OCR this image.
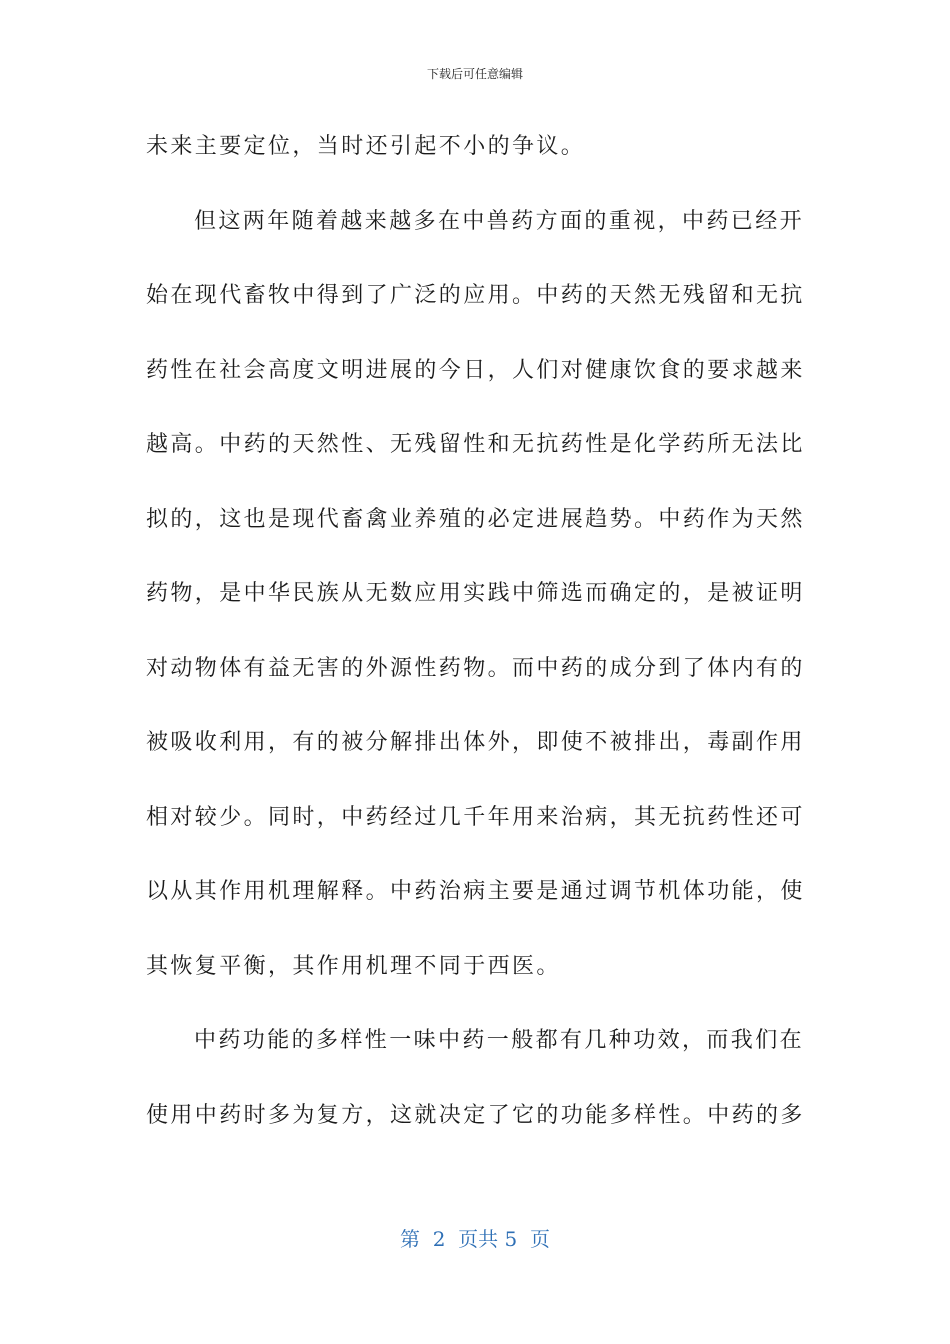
下载后可任意编辑
未来主要定位，当时还引起不小的争议。
但这两年随着越来越多在中兽药方面的重视，中药已经开
始在现代畜牧中得到了广泛的应用。中药的天然无残留和无抗
药性在社会高度文明进展的今日，人们对健康饮食的要求越来
越高。中药的天然性、无残留性和无抗药性是化学药所无法比
拟的，这也是现代畜禽业养殖的必定进展趋势。中药作为天然
药物，是中华民族从无数应用实践中筛选而确定的，是被证明
对动物体有益无害的外源性药物。而中药的成分到了体内有的
被吸收利用，有的被分解排出体外，即使不被排出，毒副作用
相对较少。同时，中药经过几千年用来治病，其无抗药性还可
以从其作用机理解释。中药治病主要是通过调节机体功能，使
其恢复平衡，其作用机理不同于西医。
中药功能的多样性一味中药一般都有几种功效，而我们在
使用中药时多为复方，这就决定了它的功能多样性。中药的多
第  2  页共 5  页
